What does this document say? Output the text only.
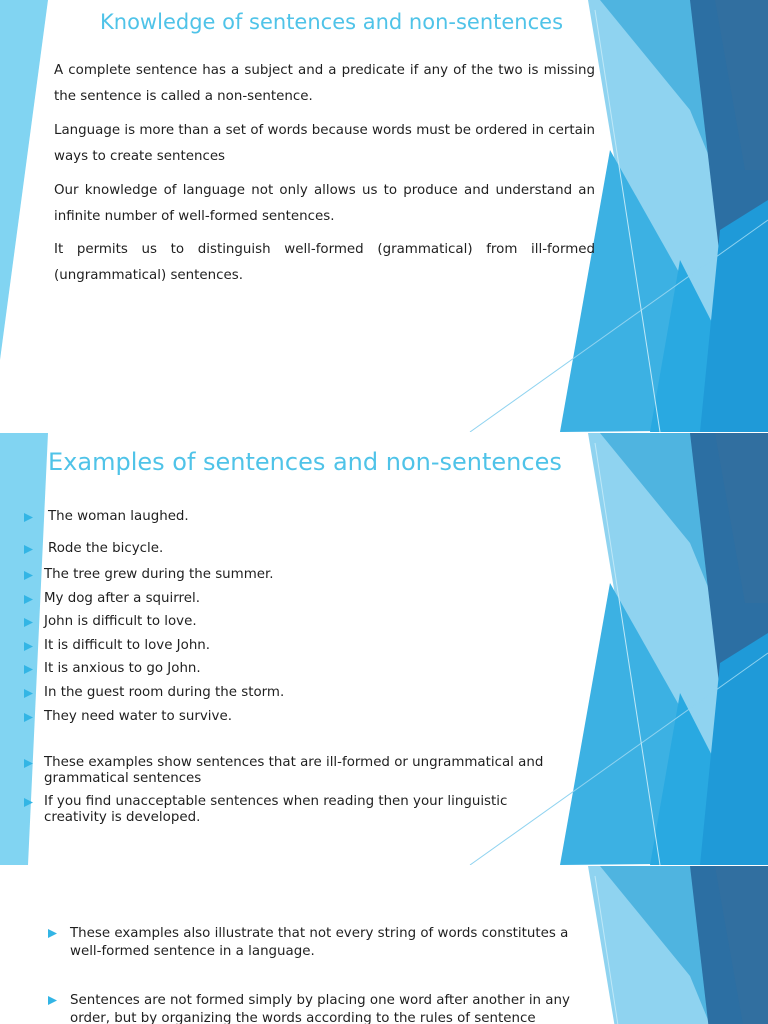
Knowledge of sentences and non-sentences

A complete sentence has a subject and a predicate if any of the two is missing the sentence is called a non-sentence.

Language is more than a set of words because words must be ordered in certain ways to create sentences

Our knowledge of language not only allows us to produce and understand an infinite number of well-formed sentences.

It permits us to distinguish well-formed (grammatical) from ill-formed (ungrammatical) sentences.

Examples of sentences and non-sentences
The woman laughed.
Rode the bicycle.
The tree grew during the summer.
My dog after a squirrel.
John is difficult to love.
It is difficult to love John.
It is anxious to go John.
In the guest room during the storm.
They need water to survive.
These examples show sentences that are ill-formed or ungrammatical and grammatical sentences
If you find unacceptable sentences when reading then your linguistic creativity is developed.
These examples also illustrate that not every string of words constitutes a well-formed sentence in a language.
Sentences are not formed simply by placing one word after another in any order, but by organizing the words according to the rules of sentence
